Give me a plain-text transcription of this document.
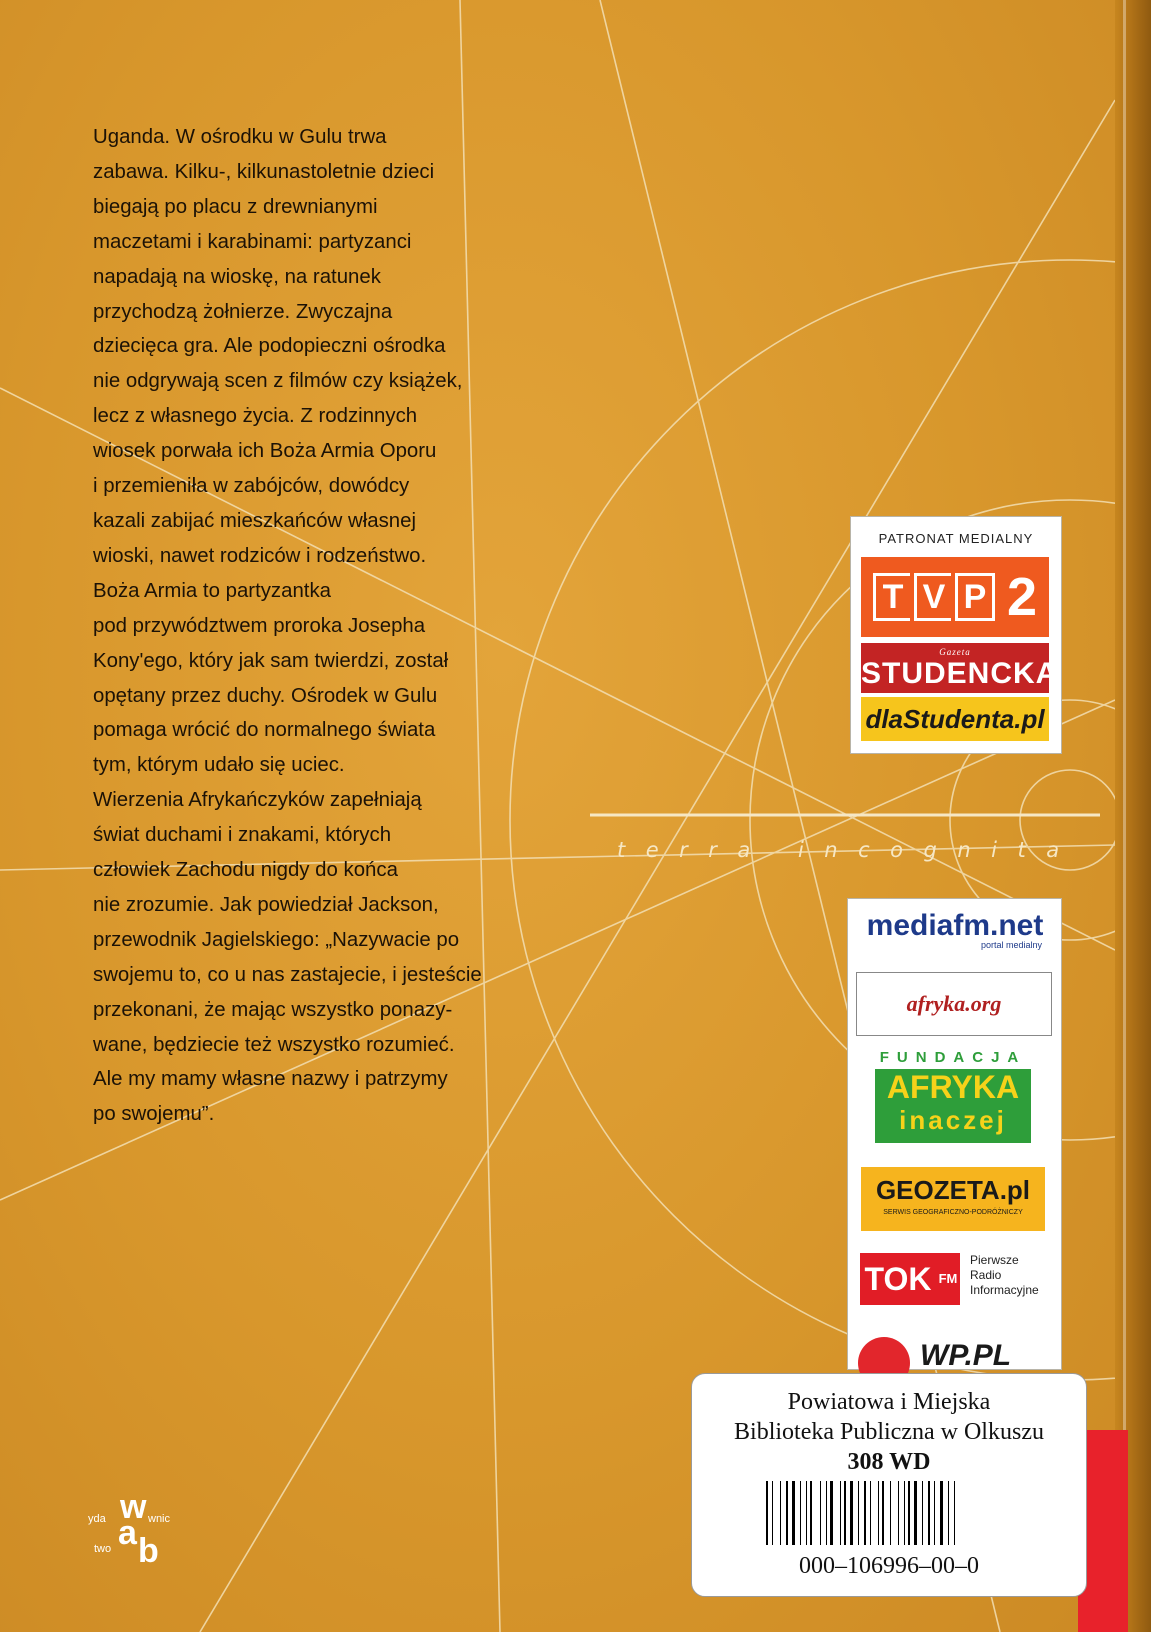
Uganda. W ośrodku w Gulu trwa
zabawa. Kilku-, kilkunastoletnie dzieci
biegają po placu z drewnianymi
maczetami i karabinami: partyzanci
napadają na wioskę, na ratunek
przychodzą żołnierze. Zwyczajna
dziecięca gra. Ale podopieczni ośrodka
nie odgrywają scen z filmów czy książek,
lecz z własnego życia. Z rodzinnych
wiosek porwała ich Boża Armia Oporu
i przemieniła w zabójców, dowódcy
kazali zabijać mieszkańców własnej
wioski, nawet rodziców i rodzeństwo.
Boża Armia to partyzantka
pod przywództwem proroka Josepha
Kony'ego, który jak sam twierdzi, został
opętany przez duchy. Ośrodek w Gulu
pomaga wrócić do normalnego świata
tym, którym udało się uciec.
Wierzenia Afrykańczyków zapełniają
świat duchami i znakami, których
człowiek Zachodu nigdy do końca
nie zrozumie. Jak powiedział Jackson,
przewodnik Jagielskiego: „Nazywacie po
swojemu to, co u nas zastajecie, i jesteście
przekonani, że mając wszystko ponazy-
wane, będziecie też wszystko rozumieć.
Ale my mamy własne nazwy i patrzymy
po swojemu”.
terra incognita
PATRONAT MEDIALNY
T V P 2
Gazeta
STUDENCKA
dlaStudenta.pl
mediafm.net
portal medialny
afryka.org
FUNDACJA
AFRYKA
inaczej
GEOZETA.pl
SERWIS GEOGRAFICZNO-PODRÓŻNICZY
TOK FM
Pierwsze
Radio
Informacyjne
WP.PL
yda w wnic
a
two b
Powiatowa i Miejska
Biblioteka Publiczna w Olkuszu
308 WD
000–106996–00–0
